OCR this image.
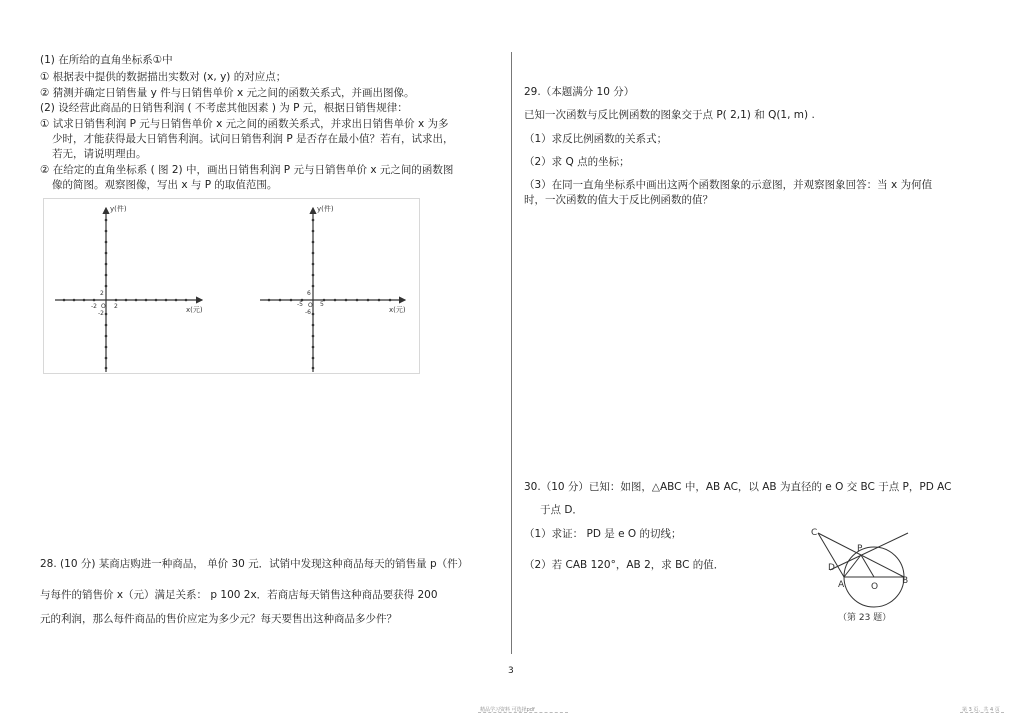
(1) 在所给的直角坐标系①中
① 根据表中提供的数据描出实数对 (x, y) 的对应点；
② 猜测并确定日销售量 y 件与日销售单价 x 元之间的函数关系式，并画出图像。
(2) 设经营此商品的日销售利润 ( 不考虑其他因素 ) 为 P 元，根据日销售规律：
① 试求日销售利润 P 元与日销售单价 x 元之间的函数关系式，并求出日销售单价 x 为多
少时，才能获得最大日销售利润。试问日销售利润 P 是否存在最小值？若有，试求出，
若无，请说明理由。
② 在给定的直角坐标系 ( 图 2) 中，画出日销售利润 P 元与日销售单价 x 元之间的函数图
像的简图。观察图像，写出 x 与 P 的取值范围。
y(件)
x(元)
2
-2 O 2
-2
y(件)
x(元)
6
-5 O 5
-6
28. (10 分) 某商店购进一种商品， 单价 30 元．试销中发现这种商品每天的销售量 p（件）
与每件的销售价 x（元）满足关系： p 100 2x．若商店每天销售这种商品要获得 200
元的利润，那么每件商品的售价应定为多少元？每天要售出这种商品多少件？
29.（本题满分 10 分）
已知一次函数与反比例函数的图象交于点 P( 2,1) 和 Q(1, m) .
（1）求反比例函数的关系式；
（2）求 Q 点的坐标；
（3）在同一直角坐标系中画出这两个函数图象的示意图，并观察图象回答：当 x 为何值
时，一次函数的值大于反比例函数的值？
30.（10 分）已知：如图，△ABC 中，AB AC，以 AB 为直径的 e O 交 BC 于点 P，PD AC
于点 D．
（1）求证： PD 是 e O 的切线；
（2）若 CAB 120°，AB 2，求 BC 的值．
C
P
D
A	O
B
（第 23 题）
3
精品学习资料 可选择pdf	第 3 页，共 4 页
